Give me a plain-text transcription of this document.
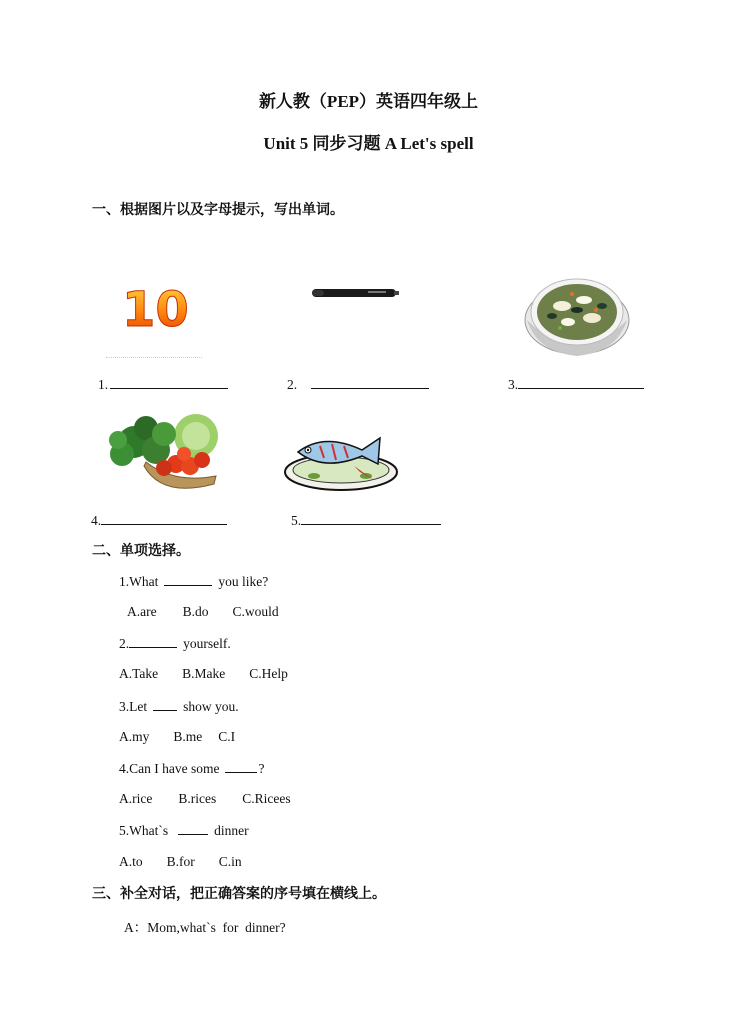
新人教（PEP）英语四年级上
Unit 5 同步习题 A Let's spell
一、根据图片以及字母提示，写出单词。
10
1.	2.	3.
4.	5.
二、单项选择。
1.What	you like?
A.are B.do C.would
2.	yourself.
A.Take B.Make C.Help
3.Let	show you.
A.my B.me C.I
4.Can I have some	?
A.rice B.rices C.Ricees
5.What`s	dinner
A.to B.for C.in
三、补全对话，把正确答案的序号填在横线上。
A：Mom,what`s  for  dinner?
